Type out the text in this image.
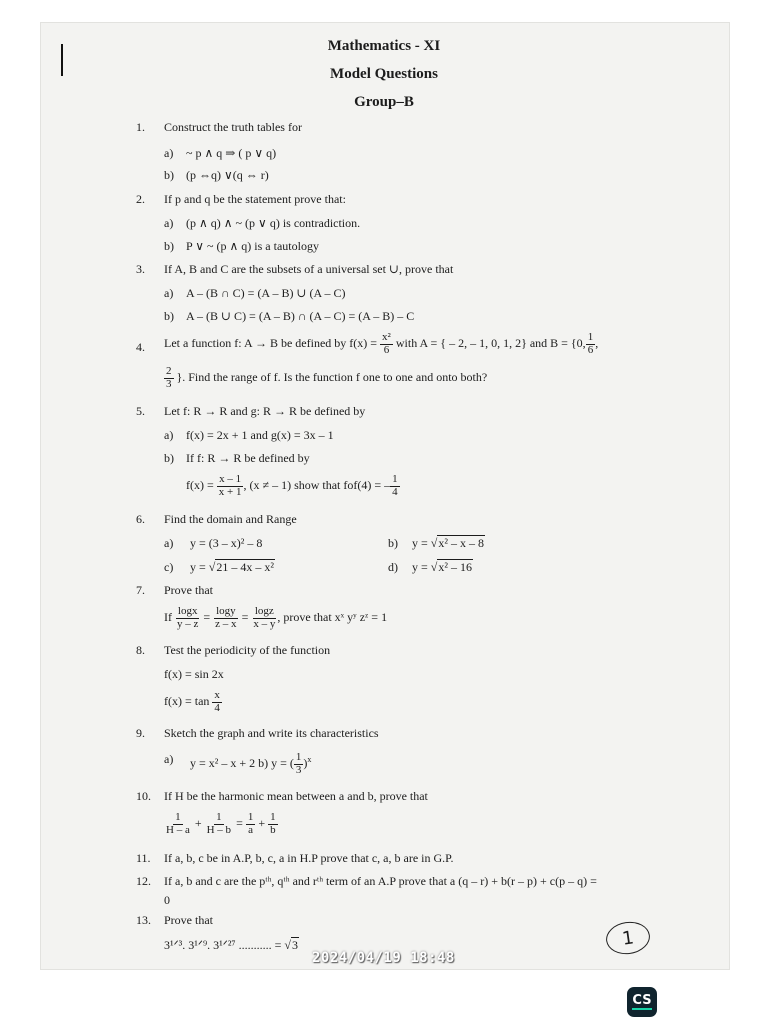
Mathematics - XI
Model Questions
Group–B
1. Construct the truth tables for
a) ~ p ∧ q ⇒ ( p ∨ q)
b) (p ⇔q) ∨(q ⇔ r)
2. If p and q be the statement prove that:
a) (p ∧ q) ∧ ~ (p ∨ q) is contradiction.
b) P ∨ ~ (p ∧ q) is a tautology
3. If A, B and C are the subsets of a universal set ∪, prove that
a) A – (B ∩ C) = (A – B) ∪ (A – C)
b) A – (B ∪ C) = (A – B) ∩ (A – C) = (A – B) – C
4. Let a function f: A → B be defined by $f(x) = \frac{\text{x²}}{6}$ with A = { – 2, – 1, 0, 1, 2} and B = {0, $\frac{1}{6}$ ,
$\frac{2}{3}$ }. Find the range of f. Is the function f one to one and onto both?
5. Let f: R → R and g: R → R be defined by
a) f(x) = 2x + 1 and g(x) = 3x – 1
b) If f: R → R be defined by
$f(x) = \frac{x - 1}{x + 1}$ , (x ≠ – 1) show that fof(4) = – $\frac{1}{4}$
6. Find the domain and Range
a) y = (3 – x)² – 8	b) y = √x² – x – 8
c) y = √21 – 4x – x²	d) y = √x² – 16
7. Prove that
If $\frac{\log x}{y - z} = \frac{\log y}{z - x} = \frac{\log z}{x - y}$ , prove that xˣ yʸ zᶻ = 1
8. Test the periodicity of the function
f(x) = sin 2x
$f(x) = \tan \frac{x}{4}$
9. Sketch the graph and write its characteristics
a) y = x² – x + 2 b) y = ( $\frac{1}{3} )^x$
10. If H be the harmonic mean between a and b, prove that
$\frac{1}{H - a} + \frac{1}{H - b} = \frac{1}{a} + \frac{1}{b}$
11. If a, b, c be in A.P, b, c, a in H.P prove that c, a, b are in G.P.
12. If a, b and c are the pᵗʰ, qᵗʰ and rᵗʰ term of an A.P prove that a (q – r) + b(r – p) + c(p – q) =
0
13. Prove that
3¹ᐟ³. 3¹ᐟ⁹. 3¹ᐟ²⁷ ........... = √3	1
2024/04/19 18:48
CS
